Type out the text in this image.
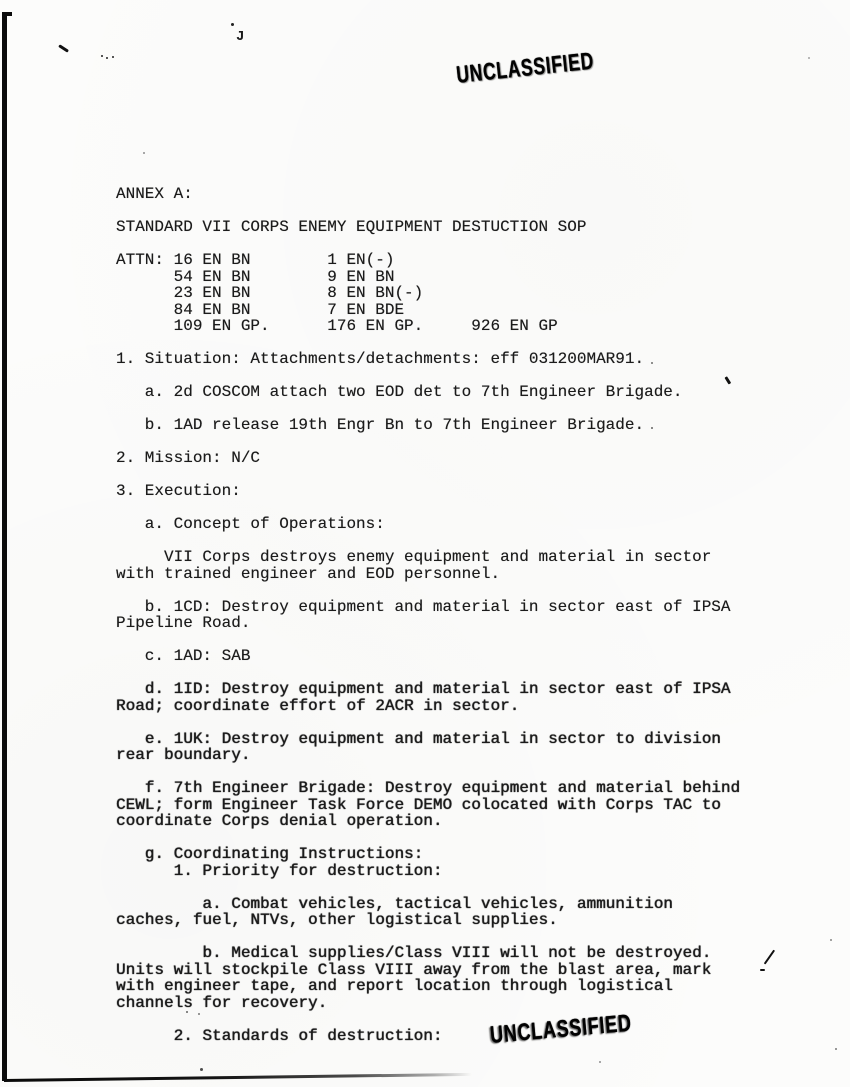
J
UNCLASSIFIED
UNCLASSIFIED
ANNEX A:
STANDARD VII CORPS ENEMY EQUIPMENT DESTUCTION SOP
ATTN: 16 EN BN        1 EN(-)
54 EN BN        9 EN BN
23 EN BN        8 EN BN(-)
84 EN BN        7 EN BDE
109 EN GP.      176 EN GP.     926 EN GP
1. Situation: Attachments/detachments: eff 031200MAR91.
a. 2d COSCOM attach two EOD det to 7th Engineer Brigade.
b. 1AD release 19th Engr Bn to 7th Engineer Brigade.
2. Mission: N/C
3. Execution:
a. Concept of Operations:
VII Corps destroys enemy equipment and material in sector
with trained engineer and EOD personnel.
b. 1CD: Destroy equipment and material in sector east of IPSA
Pipeline Road.
c. 1AD: SAB
d. 1ID: Destroy equipment and material in sector east of IPSA
Road; coordinate effort of 2ACR in sector.
e. 1UK: Destroy equipment and material in sector to division
rear boundary.
f. 7th Engineer Brigade: Destroy equipment and material behind
CEWL; form Engineer Task Force DEMO colocated with Corps TAC to
coordinate Corps denial operation.
g. Coordinating Instructions:
1. Priority for destruction:
a. Combat vehicles, tactical vehicles, ammunition
caches, fuel, NTVs, other logistical supplies.
b. Medical supplies/Class VIII will not be destroyed.
Units will stockpile Class VIII away from the blast area, mark
with engineer tape, and report location through logistical
channels for recovery.
2. Standards of destruction:
